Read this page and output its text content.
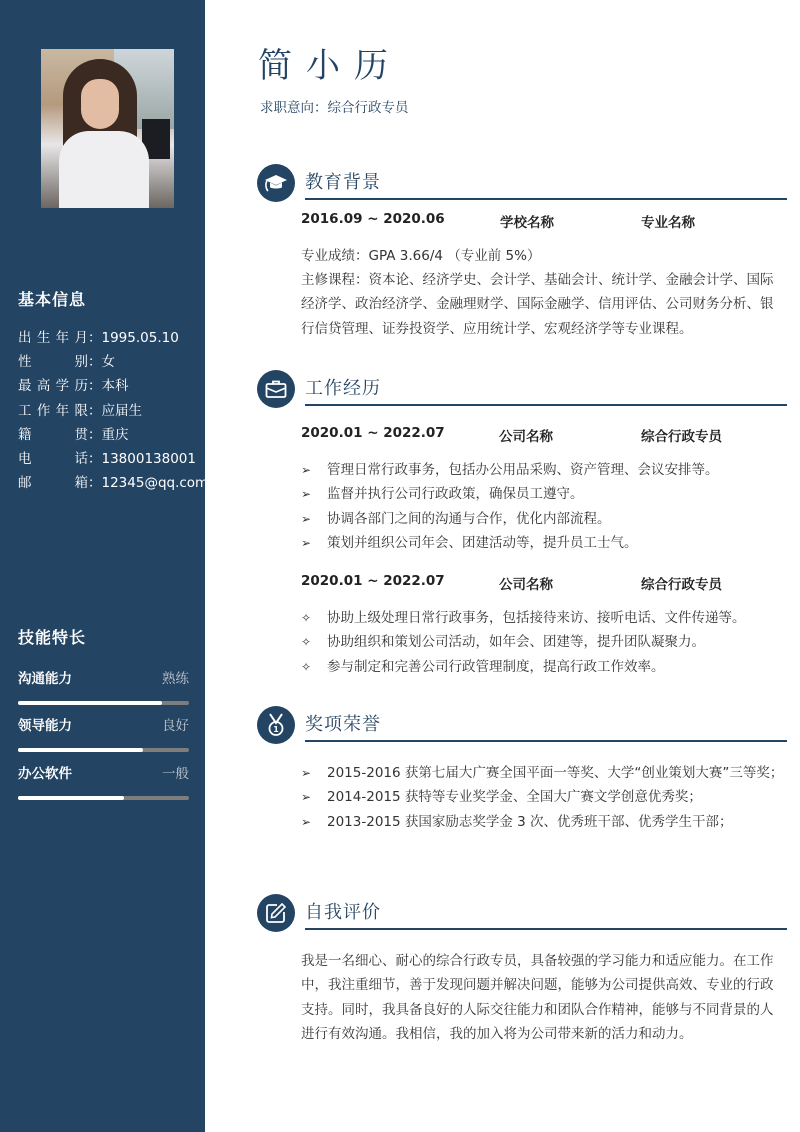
基本信息
出生年月：1995.05.10
性别：女
最高学历：本科
工作年限：应届生
籍贯：重庆
电话：13800138001
邮箱：12345@qq.com
技能特长
沟通能力	熟练
领导能力	良好
办公软件	一般
简小历
求职意向：综合行政专员
教育背景
2016.09 ~ 2020.06	学校名称	专业名称
专业成绩：GPA 3.66/4 （专业前 5%）
主修课程：资本论、经济学史、会计学、基础会计、统计学、金融会计学、国际经济学、政治经济学、金融理财学、国际金融学、信用评估、公司财务分析、银行信贷管理、证券投资学、应用统计学、宏观经济学等专业课程。
工作经历
2020.01 ~ 2022.07	公司名称	综合行政专员
➢ 管理日常行政事务，包括办公用品采购、资产管理、会议安排等。
➢ 监督并执行公司行政政策，确保员工遵守。
➢ 协调各部门之间的沟通与合作，优化内部流程。
➢ 策划并组织公司年会、团建活动等，提升员工士气。
2020.01 ~ 2022.07	公司名称	综合行政专员
✧ 协助上级处理日常行政事务，包括接待来访、接听电话、文件传递等。
✧ 协助组织和策划公司活动，如年会、团建等，提升团队凝聚力。
✧ 参与制定和完善公司行政管理制度，提高行政工作效率。
1 奖项荣誉
➢ 2015-2016 获第七届大广赛全国平面一等奖、大学“创业策划大赛”三等奖；
➢ 2014-2015 获特等专业奖学金、全国大广赛文学创意优秀奖；
➢ 2013-2015 获国家励志奖学金 3 次、优秀班干部、优秀学生干部；
自我评价
我是一名细心、耐心的综合行政专员，具备较强的学习能力和适应能力。在工作中，我注重细节，善于发现问题并解决问题，能够为公司提供高效、专业的行政支持。同时，我具备良好的人际交往能力和团队合作精神，能够与不同背景的人进行有效沟通。我相信，我的加入将为公司带来新的活力和动力。
